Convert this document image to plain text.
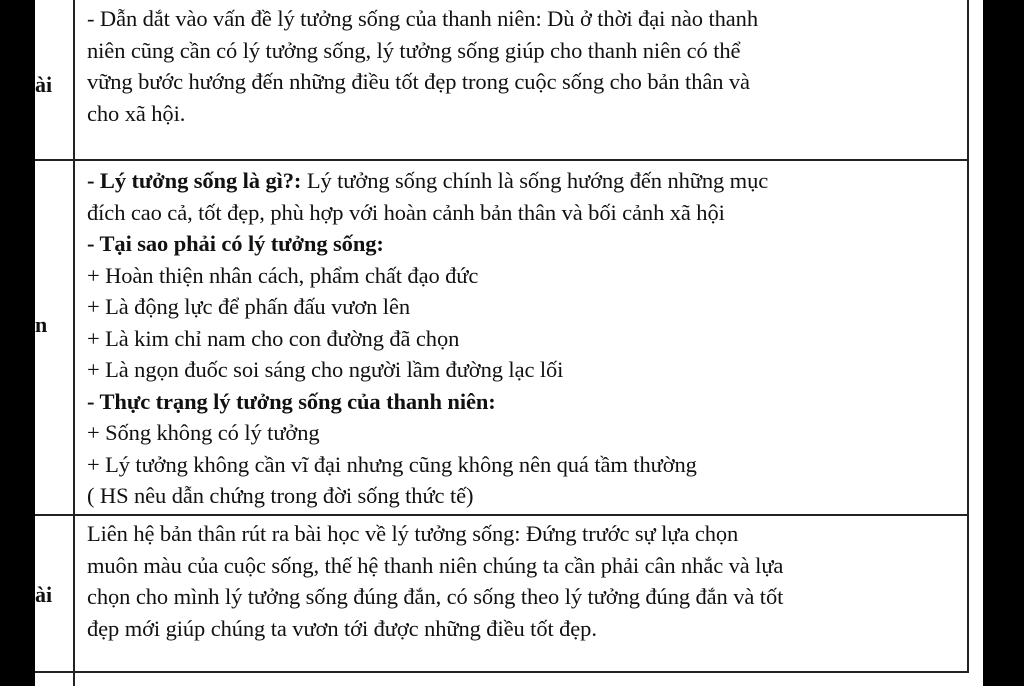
ài
- Dẫn dắt vào vấn đề lý tưởng sống của thanh niên: Dù ở thời đại nào thanh
niên cũng cần có lý tưởng sống, lý tưởng sống giúp cho thanh niên có thể
vững bước hướng đến những điều tốt đẹp trong cuộc sống cho bản thân và
cho xã hội.
n
- Lý tưởng sống là gì?: Lý tưởng sống chính là sống hướng đến những mục
đích cao cả, tốt đẹp, phù hợp với hoàn cảnh bản thân và bối cảnh xã hội
- Tại sao phải có lý tưởng sống:
+ Hoàn thiện nhân cách, phẩm chất đạo đức
+ Là động lực để phấn đấu vươn lên
+ Là kim chỉ nam cho con đường đã chọn
+ Là ngọn đuốc soi sáng cho người lầm đường lạc lối
- Thực trạng lý tưởng sống của thanh niên:
+ Sống không có lý tưởng
+ Lý tưởng không cần vĩ đại nhưng cũng không nên quá tầm thường
( HS nêu dẫn chứng trong đời sống thức tế)
ài
Liên hệ bản thân rút ra bài học về lý tưởng sống: Đứng trước sự lựa chọn
muôn màu của cuộc sống, thế hệ thanh niên chúng ta cần phải cân nhắc và lựa
chọn cho mình lý tưởng sống đúng đắn, có sống theo lý tưởng đúng đắn và tốt
đẹp mới giúp chúng ta vươn tới được những điều tốt đẹp.
